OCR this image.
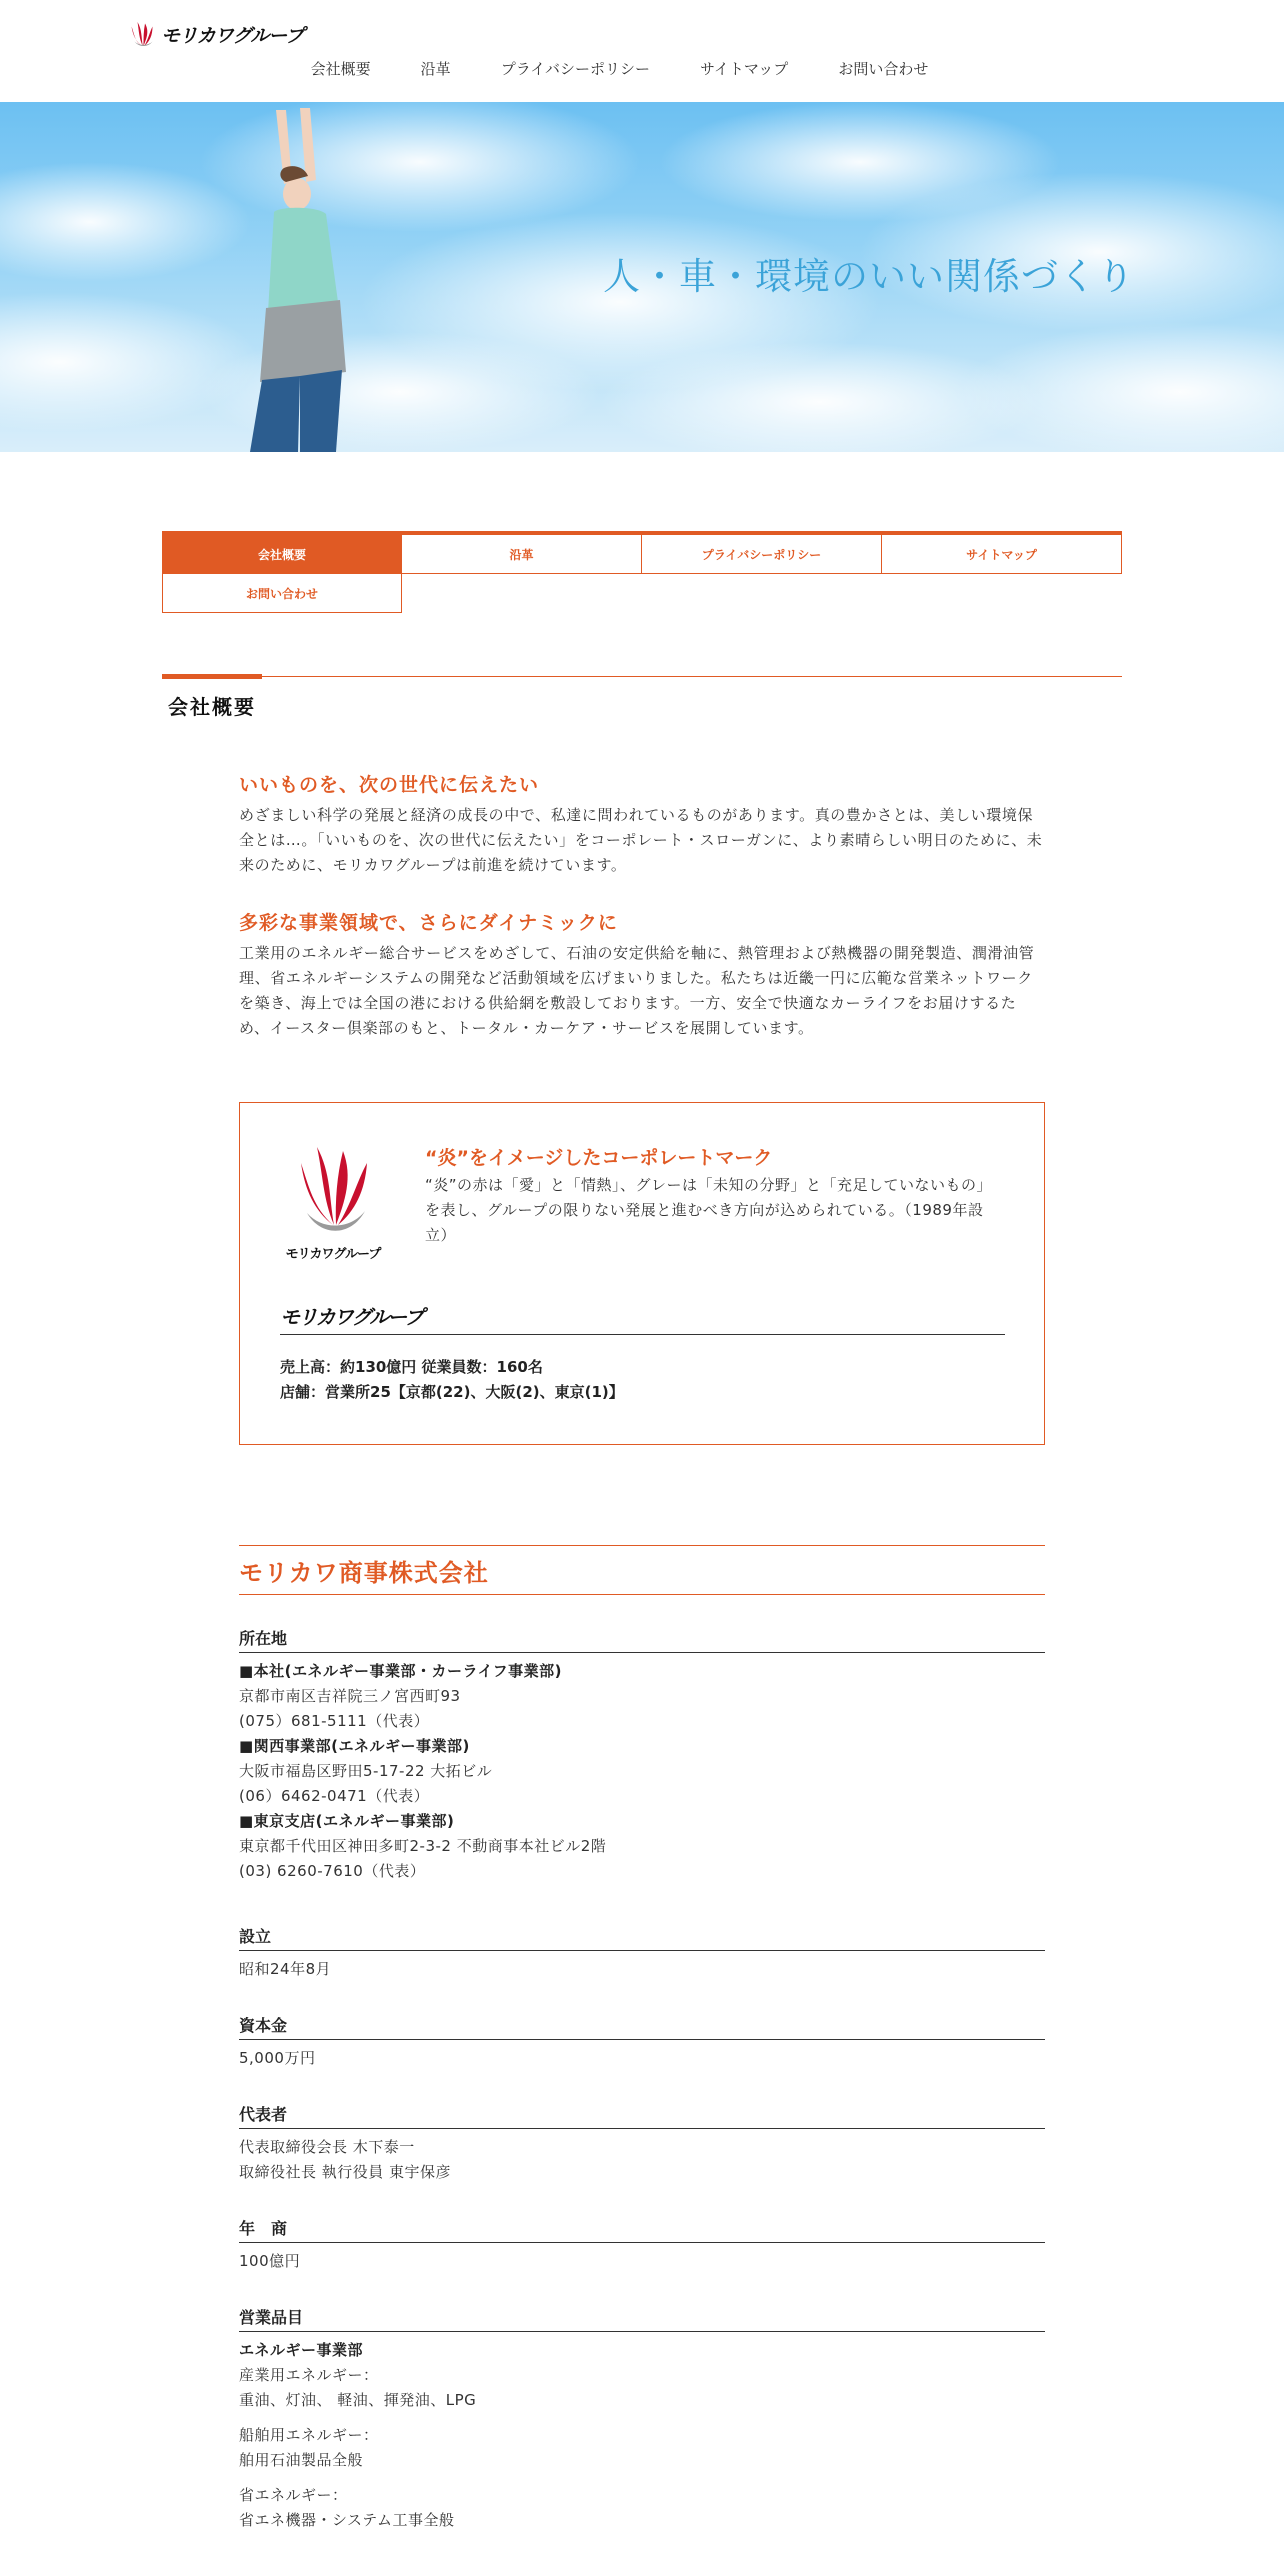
モリカワグループ
会社概要	沿革	プライバシーポリシー	サイトマップ	お問い合わせ
人・車・環境のいい関係づくり
会社概要	沿革	プライバシーポリシー	サイトマップ
お問い合わせ
会社概要
いいものを、次の世代に伝えたい

めざましい科学の発展と経済の成長の中で、私達に問われているものがあります。真の豊かさとは、美しい環境保全とは…。「いいものを、次の世代に伝えたい」をコーポレート・スローガンに、より素晴らしい明日のために、未来のために、モリカワグループは前進を続けています。

多彩な事業領域で、さらにダイナミックに

工業用のエネルギー総合サービスをめざして、石油の安定供給を軸に、熱管理および熱機器の開発製造、潤滑油管理、省エネルギーシステムの開発など活動領域を広げまいりました。私たちは近畿一円に広範な営業ネットワークを築き、海上では全国の港における供給網を敷設しております。一方、安全で快適なカーライフをお届けするため、イースター倶楽部のもと、トータル・カーケア・サービスを展開しています。

モリカワグループ
“炎”をイメージしたコーポレートマーク

“炎”の赤は「愛」と「情熱」、グレーは「未知の分野」と「充足していないもの」を表し、グループの限りない発展と進むべき方向が込められている。（1989年設立）

モリカワグループ
売上高：約130億円 従業員数：160名
店舗：営業所25【京都(22)、大阪(2)、東京(1)】
モリカワ商事株式会社
所在地
■本社(エネルギー事業部・カーライフ事業部)
京都市南区吉祥院三ノ宮西町93
(075）681-5111（代表）
■関西事業部(エネルギー事業部)
大阪市福島区野田5-17-22 大拓ビル
(06）6462-0471（代表）
■東京支店(エネルギー事業部)
東京都千代田区神田多町2-3-2 不動商事本社ビル2階
(03) 6260-7610（代表）
設立
昭和24年8月
資本金
5,000万円
代表者
代表取締役会長 木下泰一
取締役社長 執行役員 東宇保彦
年　商
100億円
営業品目
エネルギー事業部
産業用エネルギー：
重油、灯油、 軽油、揮発油、LPG
船舶用エネルギー：
舶用石油製品全般
省エネルギー：
省エネ機器・システム工事全般
